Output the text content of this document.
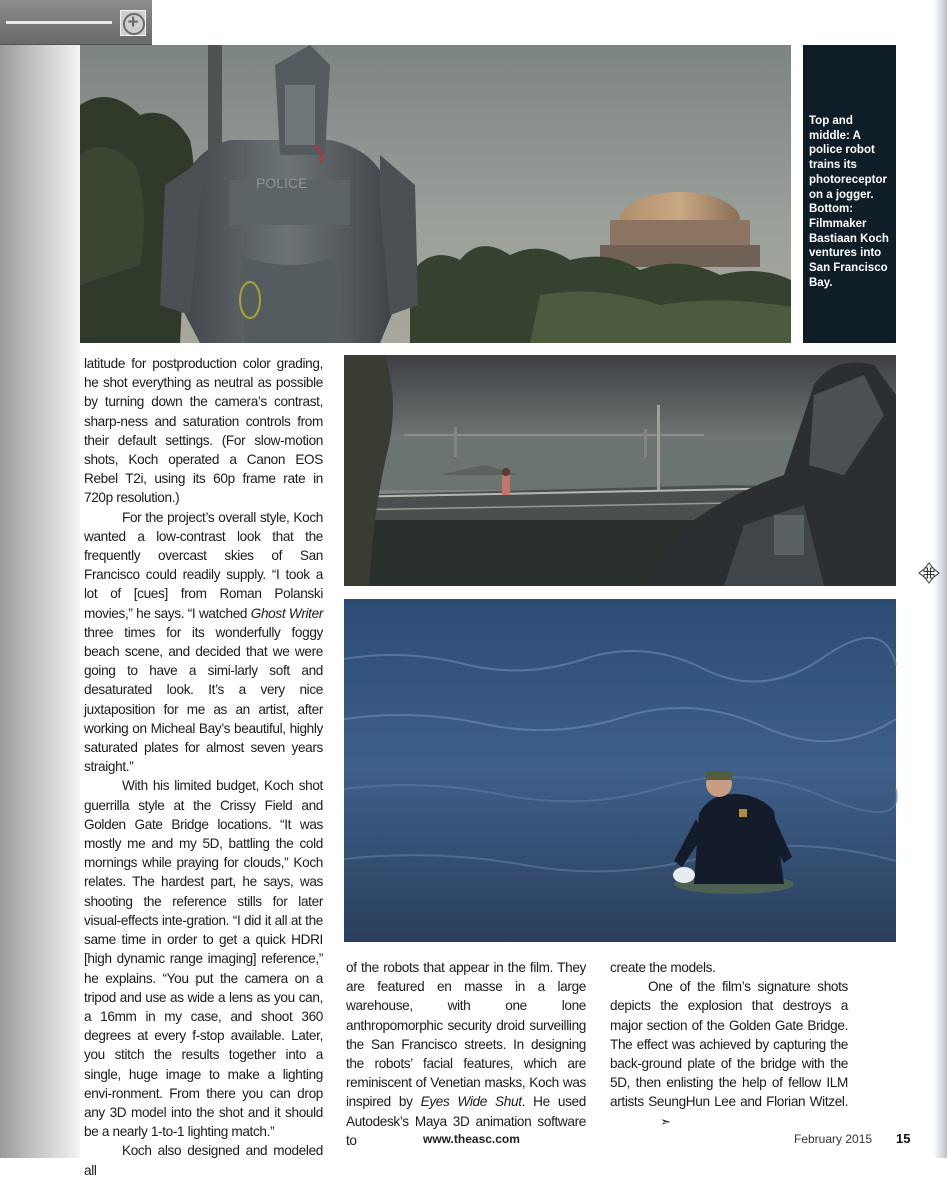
+
POLICE

Top and middle: A police robot trains its photoreceptor on a jogger. Bottom: Filmmaker Bastiaan Koch ventures into San Francisco Bay.

latitude for postproduction color grading, he shot everything as neutral as possible by turning down the camera’s contrast, sharp-ness and saturation controls from their default settings. (For slow-motion shots, Koch operated a Canon EOS Rebel T2i, using its 60p frame rate in 720p resolution.)

For the project’s overall style, Koch wanted a low-contrast look that the frequently overcast skies of San Francisco could readily supply. “I took a lot of [cues] from Roman Polanski movies,” he says. “I watched Ghost Writer three times for its wonderfully foggy beach scene, and decided that we were going to have a simi-larly soft and desaturated look. It’s a very nice juxtaposition for me as an artist, after working on Micheal Bay’s beautiful, highly saturated plates for almost seven years straight.”

With his limited budget, Koch shot guerrilla style at the Crissy Field and Golden Gate Bridge locations. “It was mostly me and my 5D, battling the cold mornings while praying for clouds,” Koch relates. The hardest part, he says, was shooting the reference stills for later visual-effects inte-gration. “I did it all at the same time in order to get a quick HDRI [high dynamic range imaging] reference,” he explains. “You put the camera on a tripod and use as wide a lens as you can, a 16mm in my case, and shoot 360 degrees at every f-stop available. Later, you stitch the results together into a single, huge image to make a lighting envi-ronment. From there you can drop any 3D model into the shot and it should be a nearly 1-to-1 lighting match.”

Koch also designed and modeled all

of the robots that appear in the film. They are featured en masse in a large warehouse, with one lone anthropomorphic security droid surveilling the San Francisco streets. In designing the robots’ facial features, which are reminiscent of Venetian masks, Koch was inspired by Eyes Wide Shut. He used Autodesk’s Maya 3D animation software to

create the models.

One of the film’s signature shots depicts the explosion that destroys a major section of the Golden Gate Bridge. The effect was achieved by capturing the back-ground plate of the bridge with the 5D, then enlisting the help of fellow ILM artists SeungHun Lee and Florian Witzel.➣

www.theasc.com	February 2015 15
